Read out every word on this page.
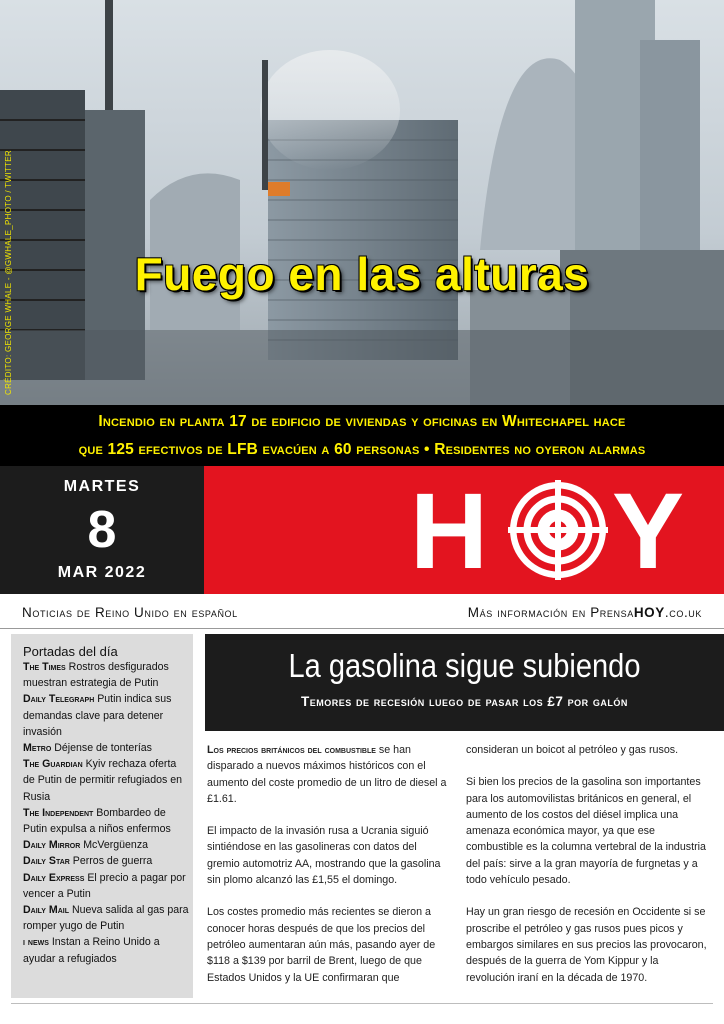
CRÉDITO: GEORGE WHALE - @GWHALE_PHOTO / TWITTER	Fuego en las alturas

Incendio en planta 17 de edificio de viviendas y oficinas en Whitechapel hace

que 125 efectivos de LFB evacúen a 60 personas • Residentes no oyeron alarmas

MARTES
8
MAR 2022	H Y
Noticias de Reino Unido en español	Más información en PrensaHOY.co.uk
Portadas del día
The Times Rostros desfigurados muestran estrategia de Putin
Daily Telegraph Putin indica sus demandas clave para detener invasión
Metro Déjense de tonterías
The Guardian Kyiv rechaza oferta de Putin de permitir refugiados en Rusia
The Independent Bombardeo de Putin expulsa a niños enfermos
Daily Mirror McVergüenza
Daily Star Perros de guerra
Daily Express El precio a pagar por vencer a Putin
Daily Mail Nueva salida al gas para romper yugo de Putin
i news Instan a Reino Unido a ayudar a refugiados
La gasolina sigue subiendo
Temores de recesión luego de pasar los £7 por galón

Los precios británicos del combustible se han disparado a nuevos máximos históricos con el aumento del coste promedio de un litro de diesel a £1.61.

El impacto de la invasión rusa a Ucrania siguió sintiéndose en las gasolineras con datos del gremio automotriz AA, mostrando que la gasolina sin plomo alcanzó las £1,55 el domingo.

Los costes promedio más recientes se dieron a conocer horas después de que los precios del petróleo aumentaran aún más, pasando ayer de $118 a $139 por barril de Brent, luego de que Estados Unidos y la UE confirmaran que

consideran un boicot al petróleo y gas rusos.

Si bien los precios de la gasolina son importantes para los automovilistas británicos en general, el aumento de los costos del diésel implica una amenaza económica mayor, ya que ese combustible es la columna vertebral de la industria del país: sirve a la gran mayoría de furgnetas y a todo vehículo pesado.

Hay un gran riesgo de recesión en Occidente si se proscribe el petróleo y gas rusos pues picos y embargos similares en sus precios las provocaron, después de la guerra de Yom Kippur y la revolución iraní en la década de 1970.
